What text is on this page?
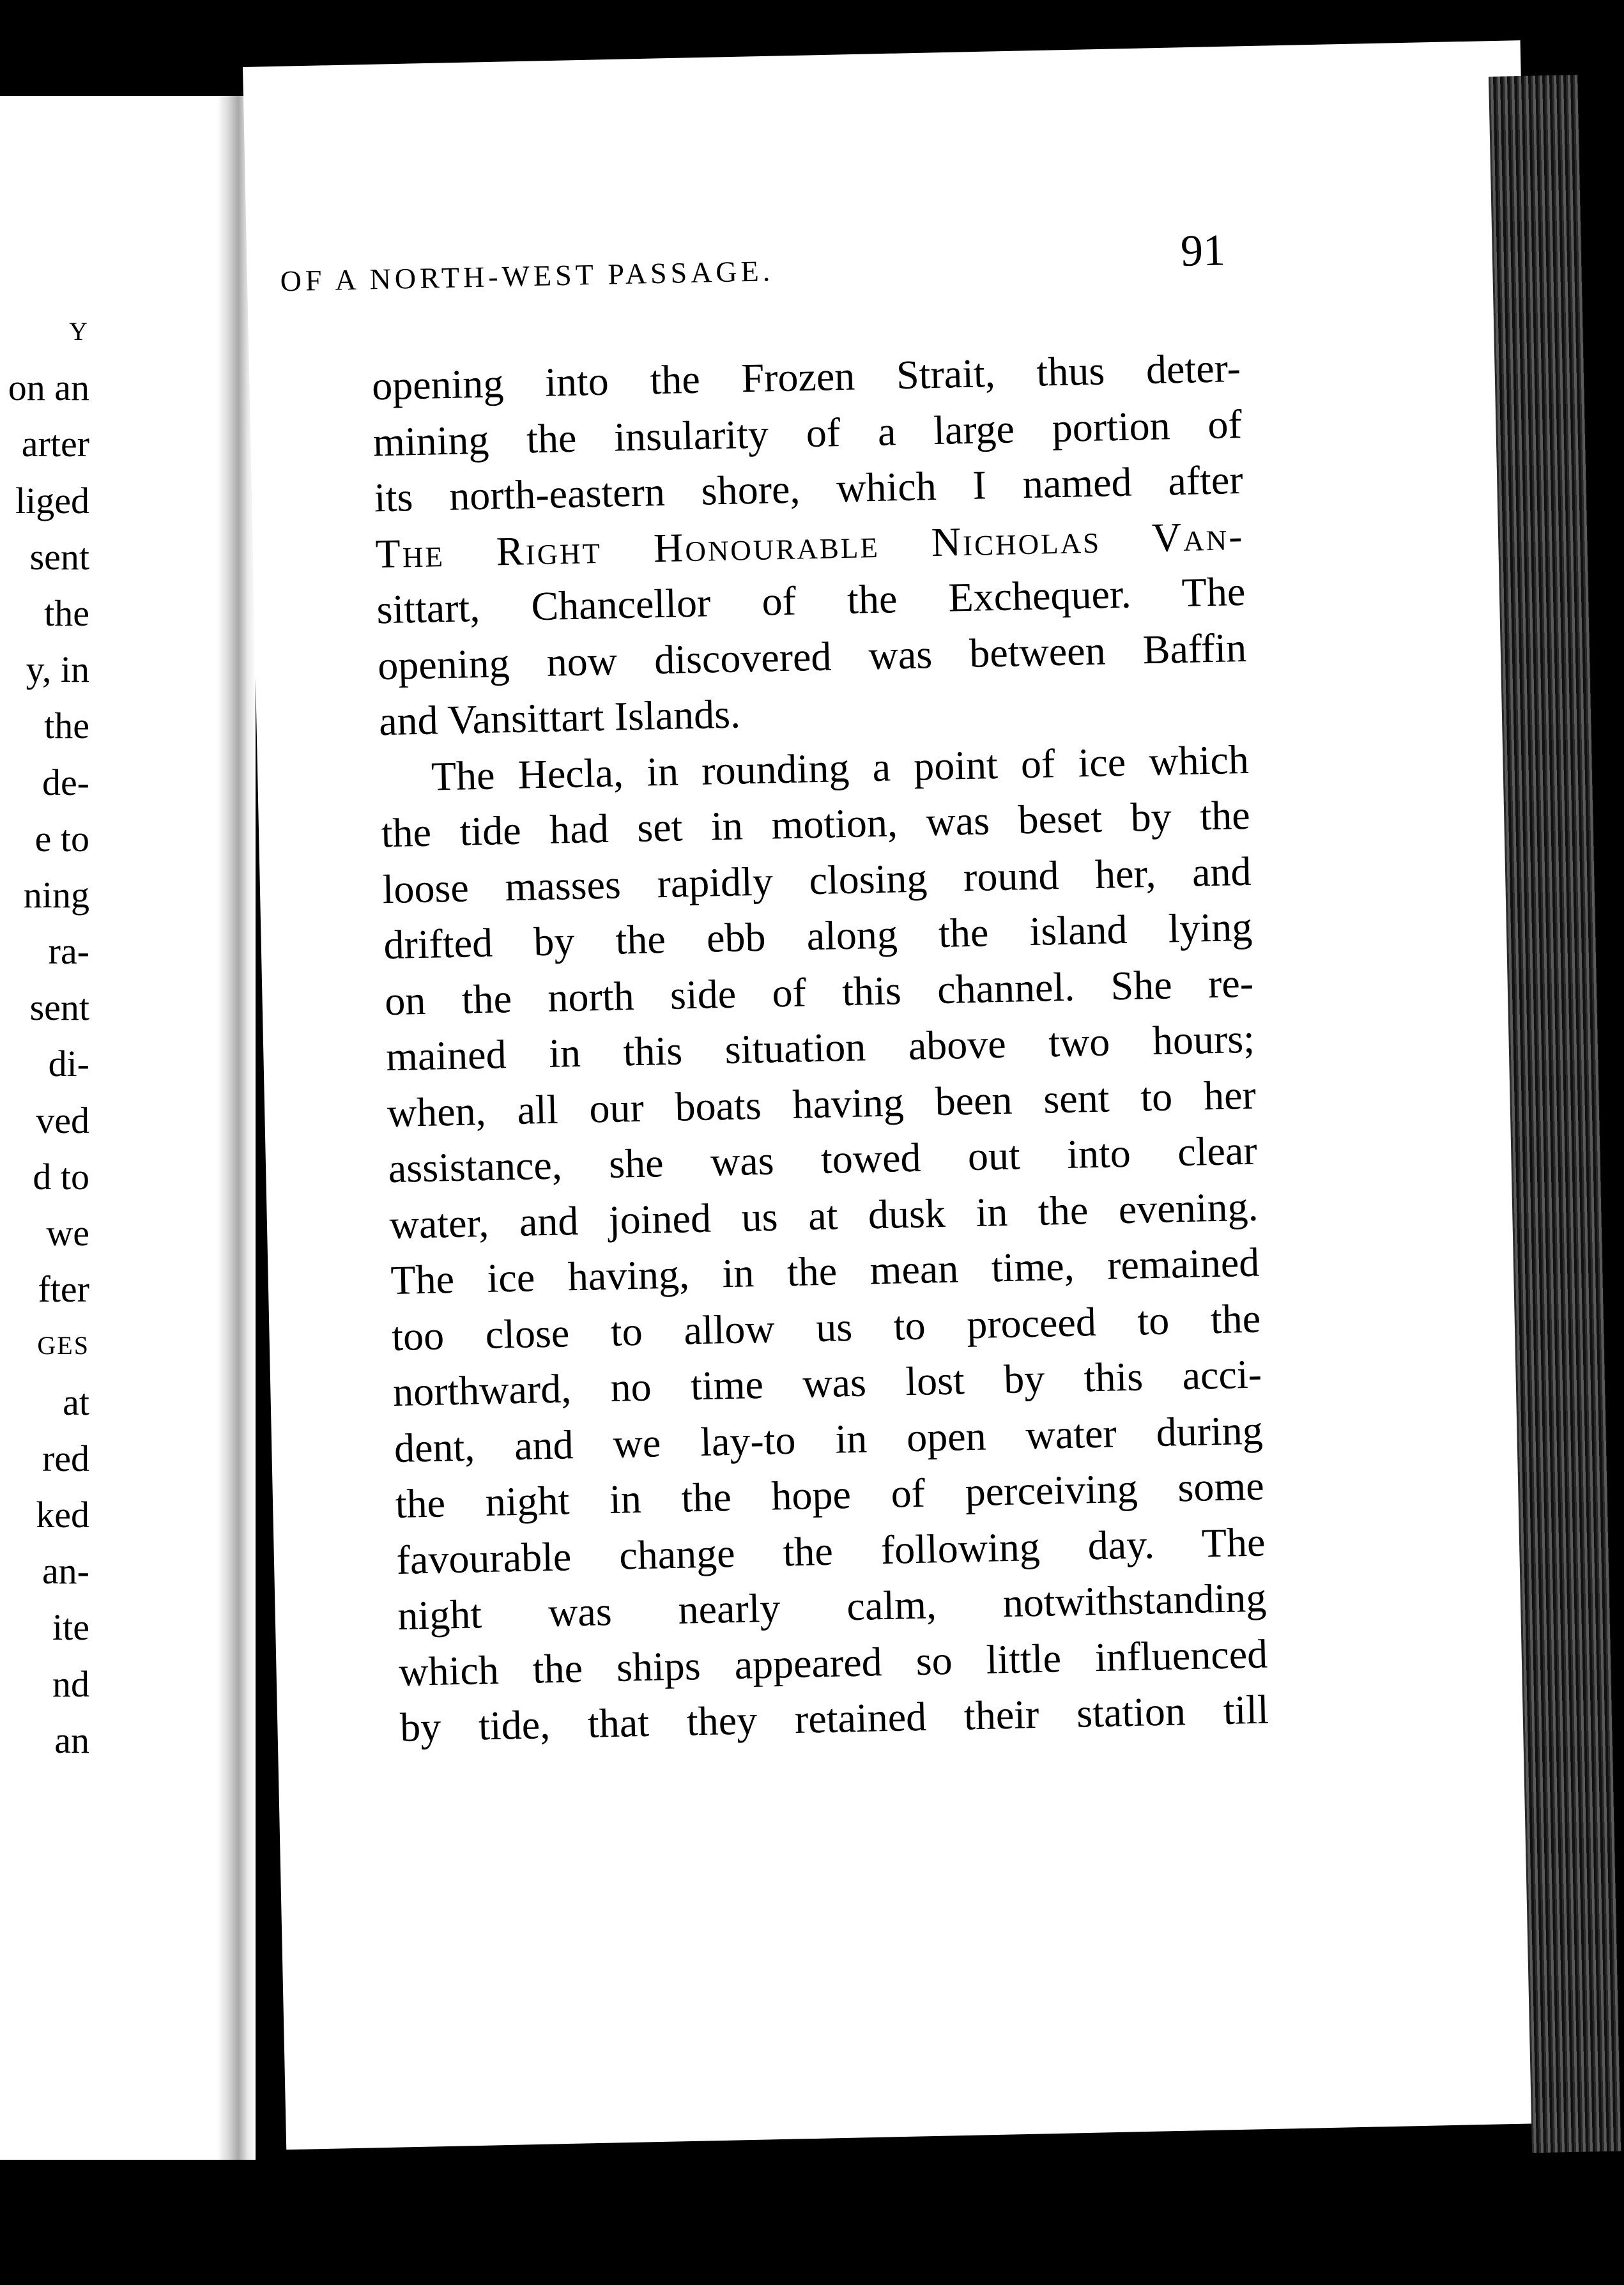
Y
on an
arter
liged
sent
the
y, in
the
de-
e to
ning
ra-
sent
di-
ved
d to
we
fter
GES
at
red
ked
an-
ite
nd
an
OF A NORTH-WEST PASSAGE.	91
opening into the Frozen Strait, thus deter-
mining the insularity of a large portion of
its north-eastern shore, which I named after
The Right Honourable Nicholas Van-
sittart, Chancellor of the Exchequer. The
opening now discovered was between Baffin
and Vansittart Islands.
The Hecla, in rounding a point of ice which
the tide had set in motion, was beset by the
loose masses rapidly closing round her, and
drifted by the ebb along the island lying
on the north side of this channel. She re-
mained in this situation above two hours;
when, all our boats having been sent to her
assistance, she was towed out into clear
water, and joined us at dusk in the evening.
The ice having, in the mean time, remained
too close to allow us to proceed to the
northward, no time was lost by this acci-
dent, and we lay-to in open water during
the night in the hope of perceiving some
favourable change the following day. The
night was nearly calm, notwithstanding
which the ships appeared so little influenced
by tide, that they retained their station till
